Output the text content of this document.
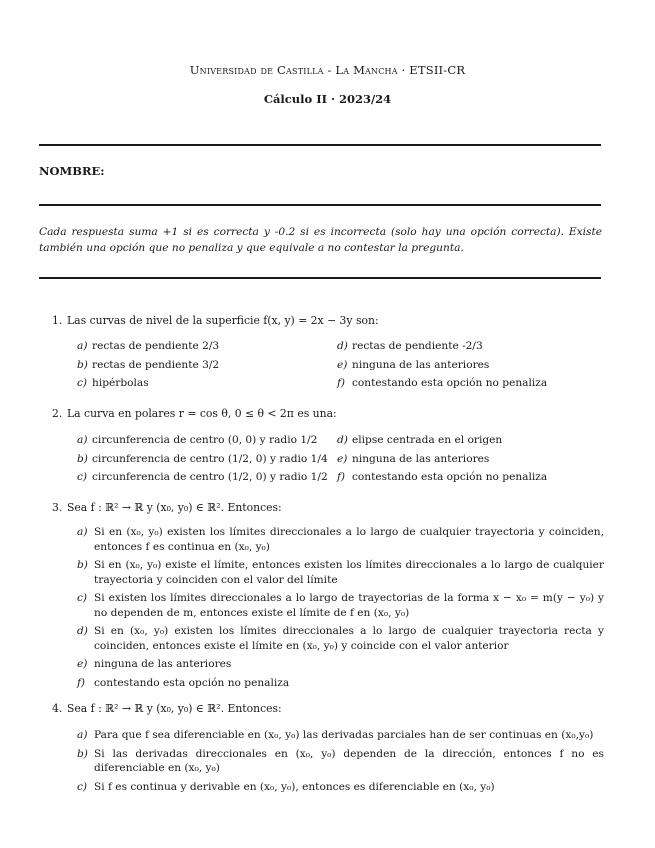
Universidad de Castilla - La Mancha · ETSII-CR
Cálculo II · 2023/24
NOMBRE:
Cada respuesta suma +1 si es correcta y -0.2 si es incorrecta (solo hay una opción correcta). Existe también una opción que no penaliza y que equivale a no contestar la pregunta.
1. Las curvas de nivel de la superficie f(x, y) = 2x − 3y son:
a) rectas de pendiente 2/3
b) rectas de pendiente 3/2
c) hipérbolas
d) rectas de pendiente -2/3
e) ninguna de las anteriores
f) contestando esta opción no penaliza
2. La curva en polares r = cos θ, 0 ≤ θ < 2π es una:
a) circunferencia de centro (0, 0) y radio 1/2
b) circunferencia de centro (1/2, 0) y radio 1/4
c) circunferencia de centro (1/2, 0) y radio 1/2
d) elipse centrada en el origen
e) ninguna de las anteriores
f) contestando esta opción no penaliza
3. Sea f : ℝ² → ℝ y (x₀, y₀) ∈ ℝ². Entonces:
a) Si en (x₀, y₀) existen los límites direccionales a lo largo de cualquier trayectoria y coinciden, entonces f es continua en (x₀, y₀)
b) Si en (x₀, y₀) existe el límite, entonces existen los límites direccionales a lo largo de cualquier trayectoria y coinciden con el valor del límite
c) Si existen los límites direccionales a lo largo de trayectorias de la forma x − x₀ = m(y − y₀) y no dependen de m, entonces existe el límite de f en (x₀, y₀)
d) Si en (x₀, y₀) existen los límites direccionales a lo largo de cualquier trayectoria recta y coinciden, entonces existe el límite en (x₀, y₀) y coincide con el valor anterior
e) ninguna de las anteriores
f) contestando esta opción no penaliza
4. Sea f : ℝ² → ℝ y (x₀, y₀) ∈ ℝ². Entonces:
a) Para que f sea diferenciable en (x₀, y₀) las derivadas parciales han de ser continuas en (x₀,y₀)
b) Si las derivadas direccionales en (x₀, y₀) dependen de la dirección, entonces f no es diferenciable en (x₀, y₀)
c) Si f es continua y derivable en (x₀, y₀), entonces es diferenciable en (x₀, y₀)
